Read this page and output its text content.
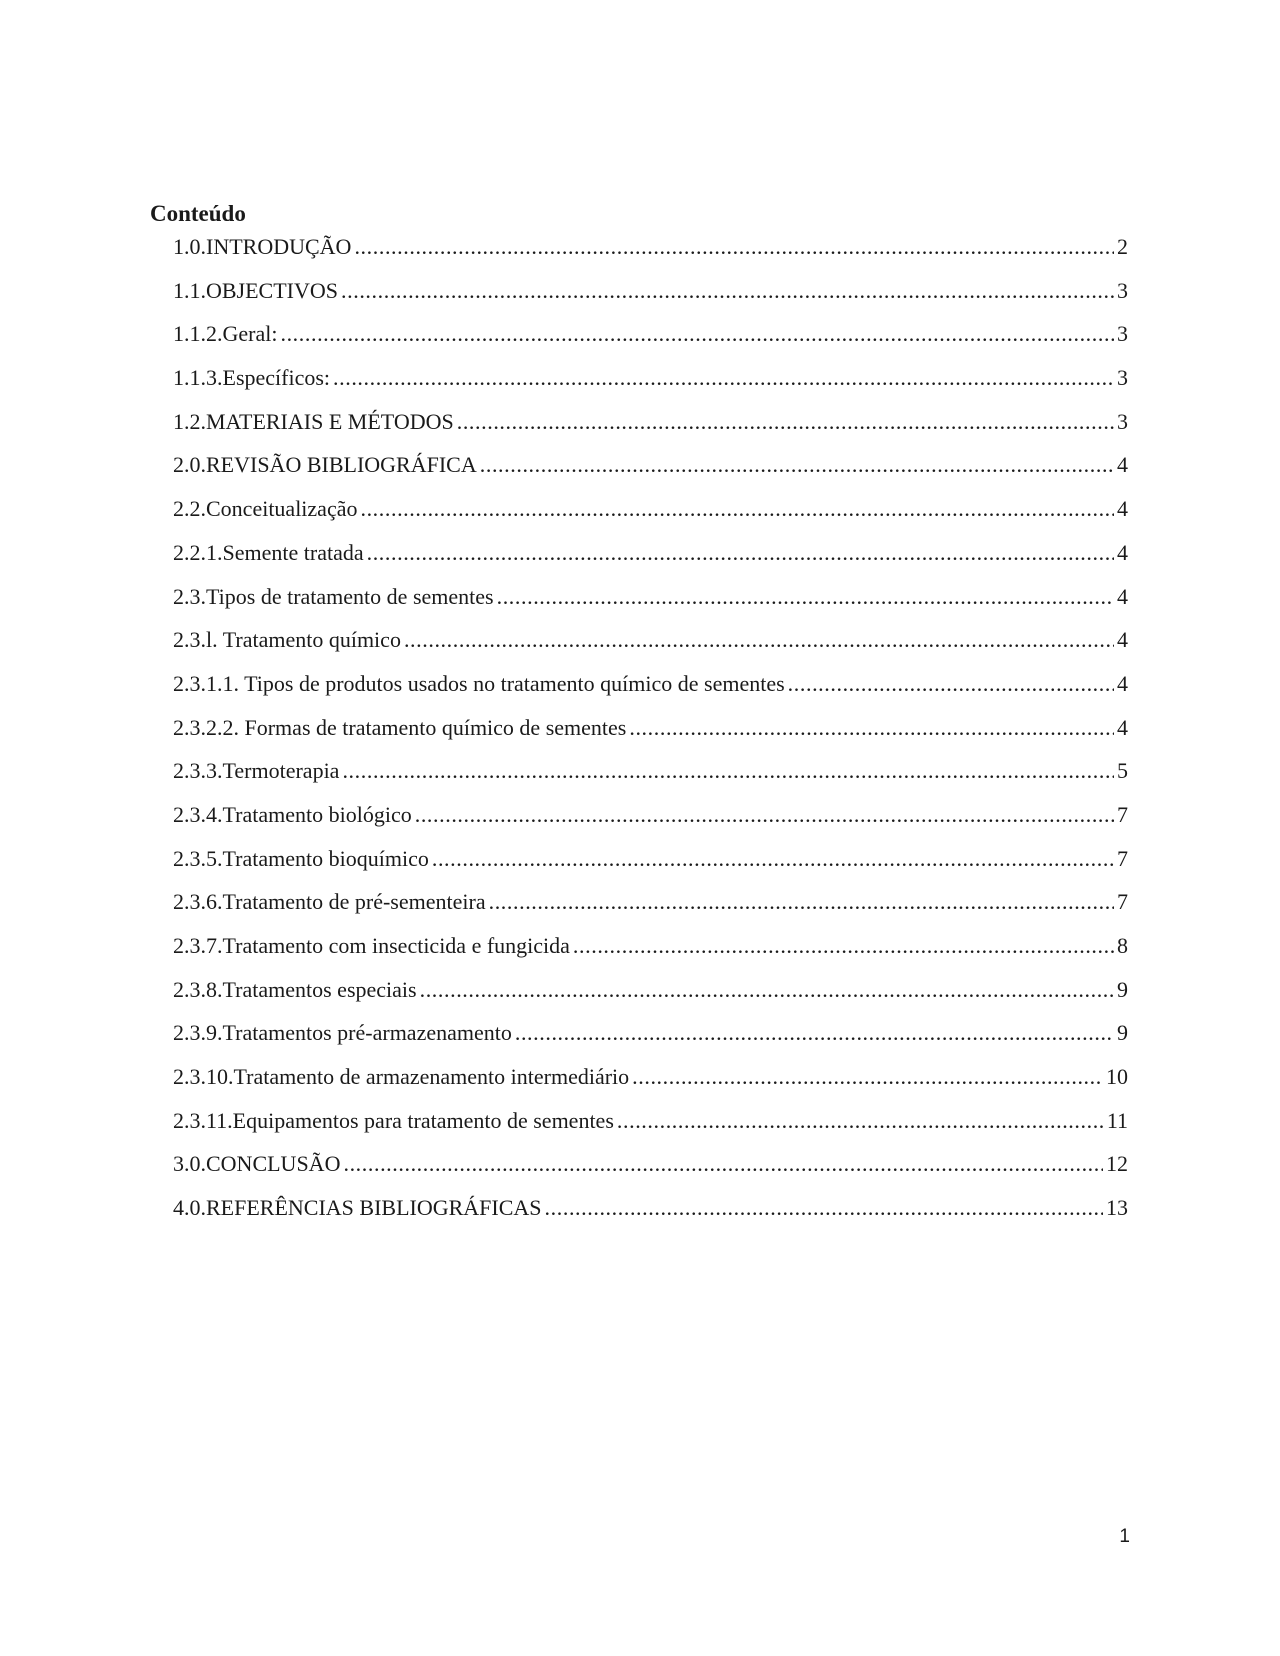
Conteúdo
1.0.INTRODUÇÃO .....	2
1.1.OBJECTIVOS .....	3
1.1.2.Geral: .....	3
1.1.3.Específicos: .....	3
1.2.MATERIAIS E MÉTODOS .....	3
2.0.REVISÃO BIBLIOGRÁFICA .....	4
2.2.Conceitualização .....	4
2.2.1.Semente tratada .....	4
2.3.Tipos de tratamento de sementes .....	4
2.3.l. Tratamento químico .....	4
2.3.1.1. Tipos de produtos usados no tratamento químico de sementes .....	4
2.3.2.2. Formas de tratamento químico de sementes .....	4
2.3.3.Termoterapia .....	5
2.3.4.Tratamento biológico .....	7
2.3.5.Tratamento bioquímico .....	7
2.3.6.Tratamento de pré-sementeira .....	7
2.3.7.Tratamento com insecticida e fungicida .....	8
2.3.8.Tratamentos especiais .....	9
2.3.9.Tratamentos pré-armazenamento .....	9
2.3.10.Tratamento de armazenamento intermediário .....	10
2.3.11.Equipamentos para tratamento de sementes .....	11
3.0.CONCLUSÃO .....	12
4.0.REFERÊNCIAS BIBLIOGRÁFICAS .....	13
1
